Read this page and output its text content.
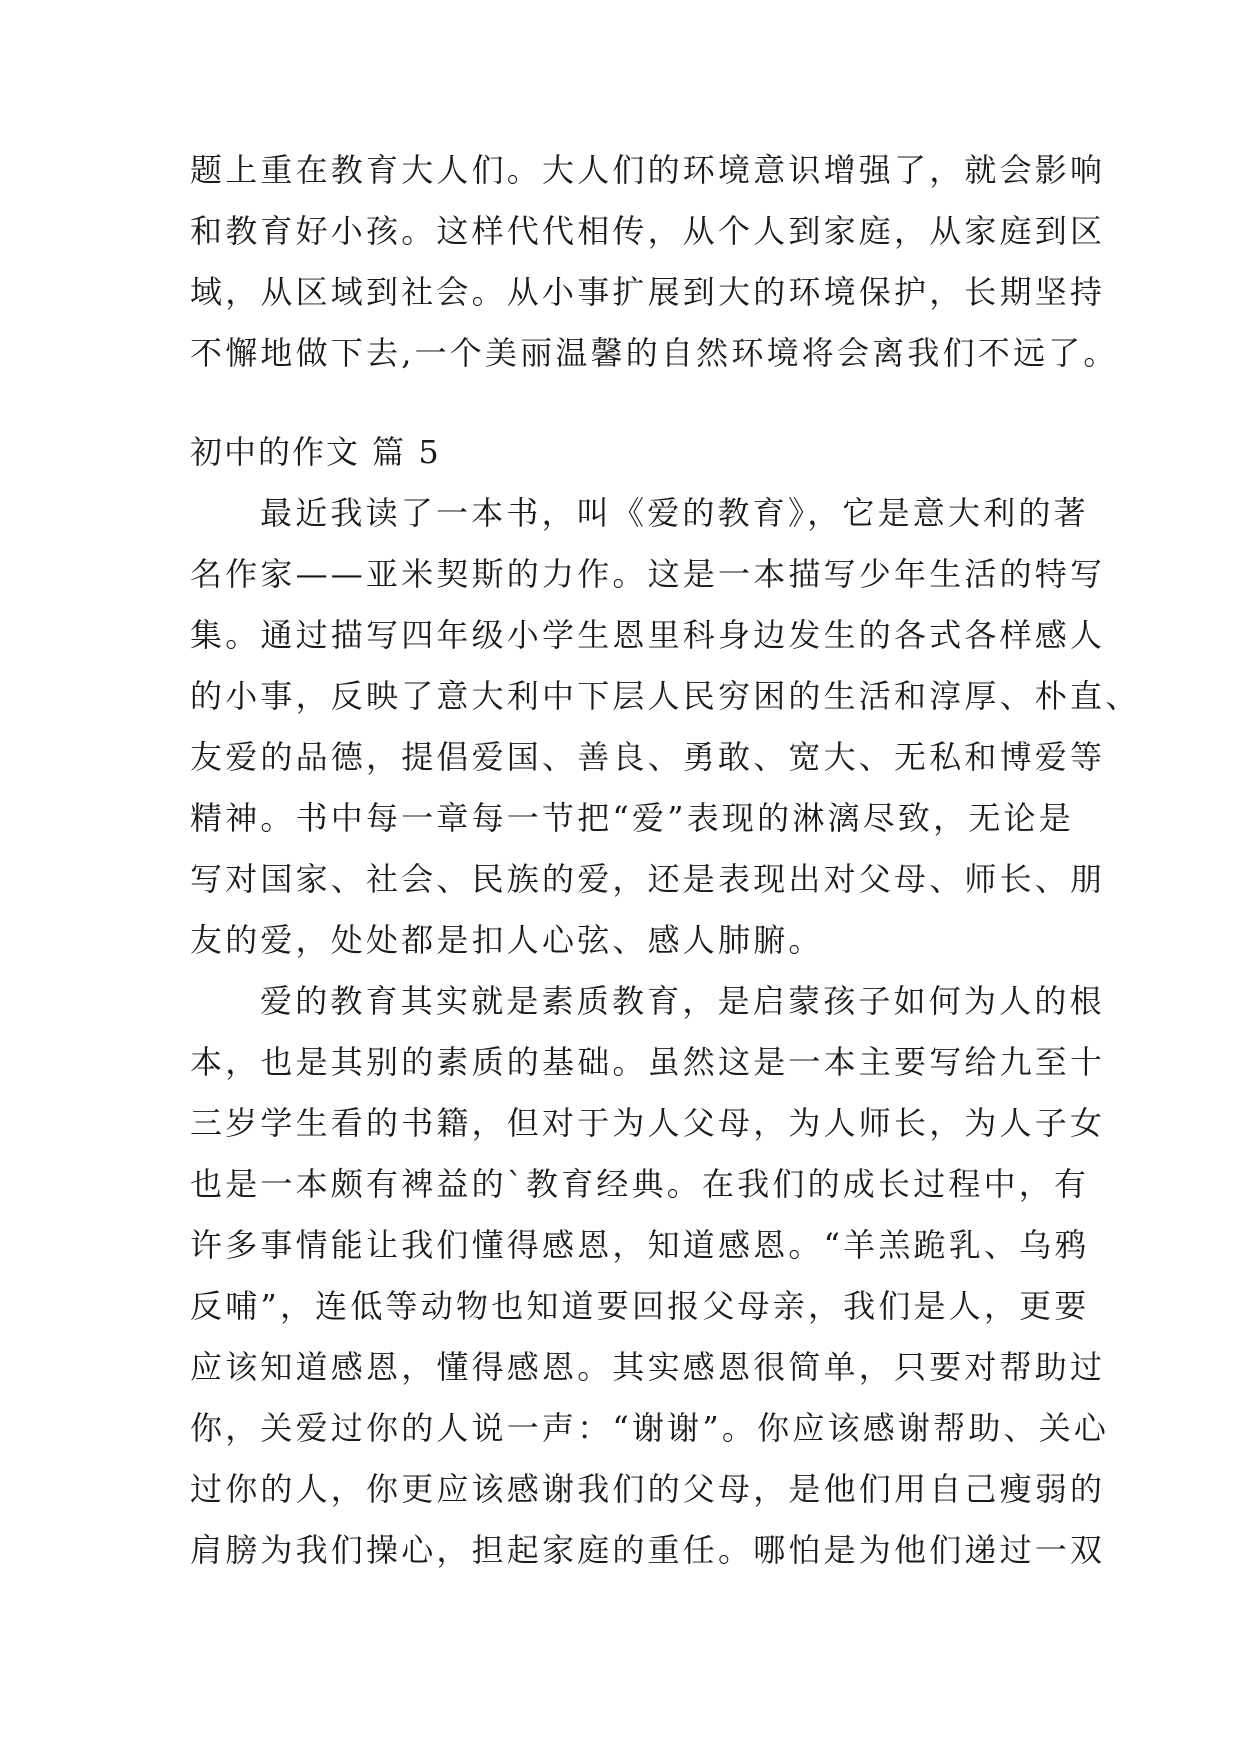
题上重在教育大人们。大人们的环境意识增强了，就会影响
和教育好小孩。这样代代相传，从个人到家庭，从家庭到区
域，从区域到社会。从小事扩展到大的环境保护，长期坚持
不懈地做下去,一个美丽温馨的自然环境将会离我们不远了。
初中的作文 篇 5
最近我读了一本书，叫《爱的教育》，它是意大利的著
名作家——亚米契斯的力作。这是一本描写少年生活的特写
集。通过描写四年级小学生恩里科身边发生的各式各样感人
的小事，反映了意大利中下层人民穷困的生活和淳厚、朴直、
友爱的品德，提倡爱国、善良、勇敢、宽大、无私和博爱等
精神。书中每一章每一节把“爱”表现的淋漓尽致，无论是
写对国家、社会、民族的爱，还是表现出对父母、师长、朋
友的爱，处处都是扣人心弦、感人肺腑。
爱的教育其实就是素质教育，是启蒙孩子如何为人的根
本，也是其别的素质的基础。虽然这是一本主要写给九至十
三岁学生看的书籍，但对于为人父母，为人师长，为人子女
也是一本颇有裨益的`教育经典。在我们的成长过程中，有
许多事情能让我们懂得感恩，知道感恩。“羊羔跪乳、乌鸦
反哺”，连低等动物也知道要回报父母亲，我们是人，更要
应该知道感恩，懂得感恩。其实感恩很简单，只要对帮助过
你，关爱过你的人说一声：“谢谢”。你应该感谢帮助、关心
过你的人，你更应该感谢我们的父母，是他们用自己瘦弱的
肩膀为我们操心，担起家庭的重任。哪怕是为他们递过一双
